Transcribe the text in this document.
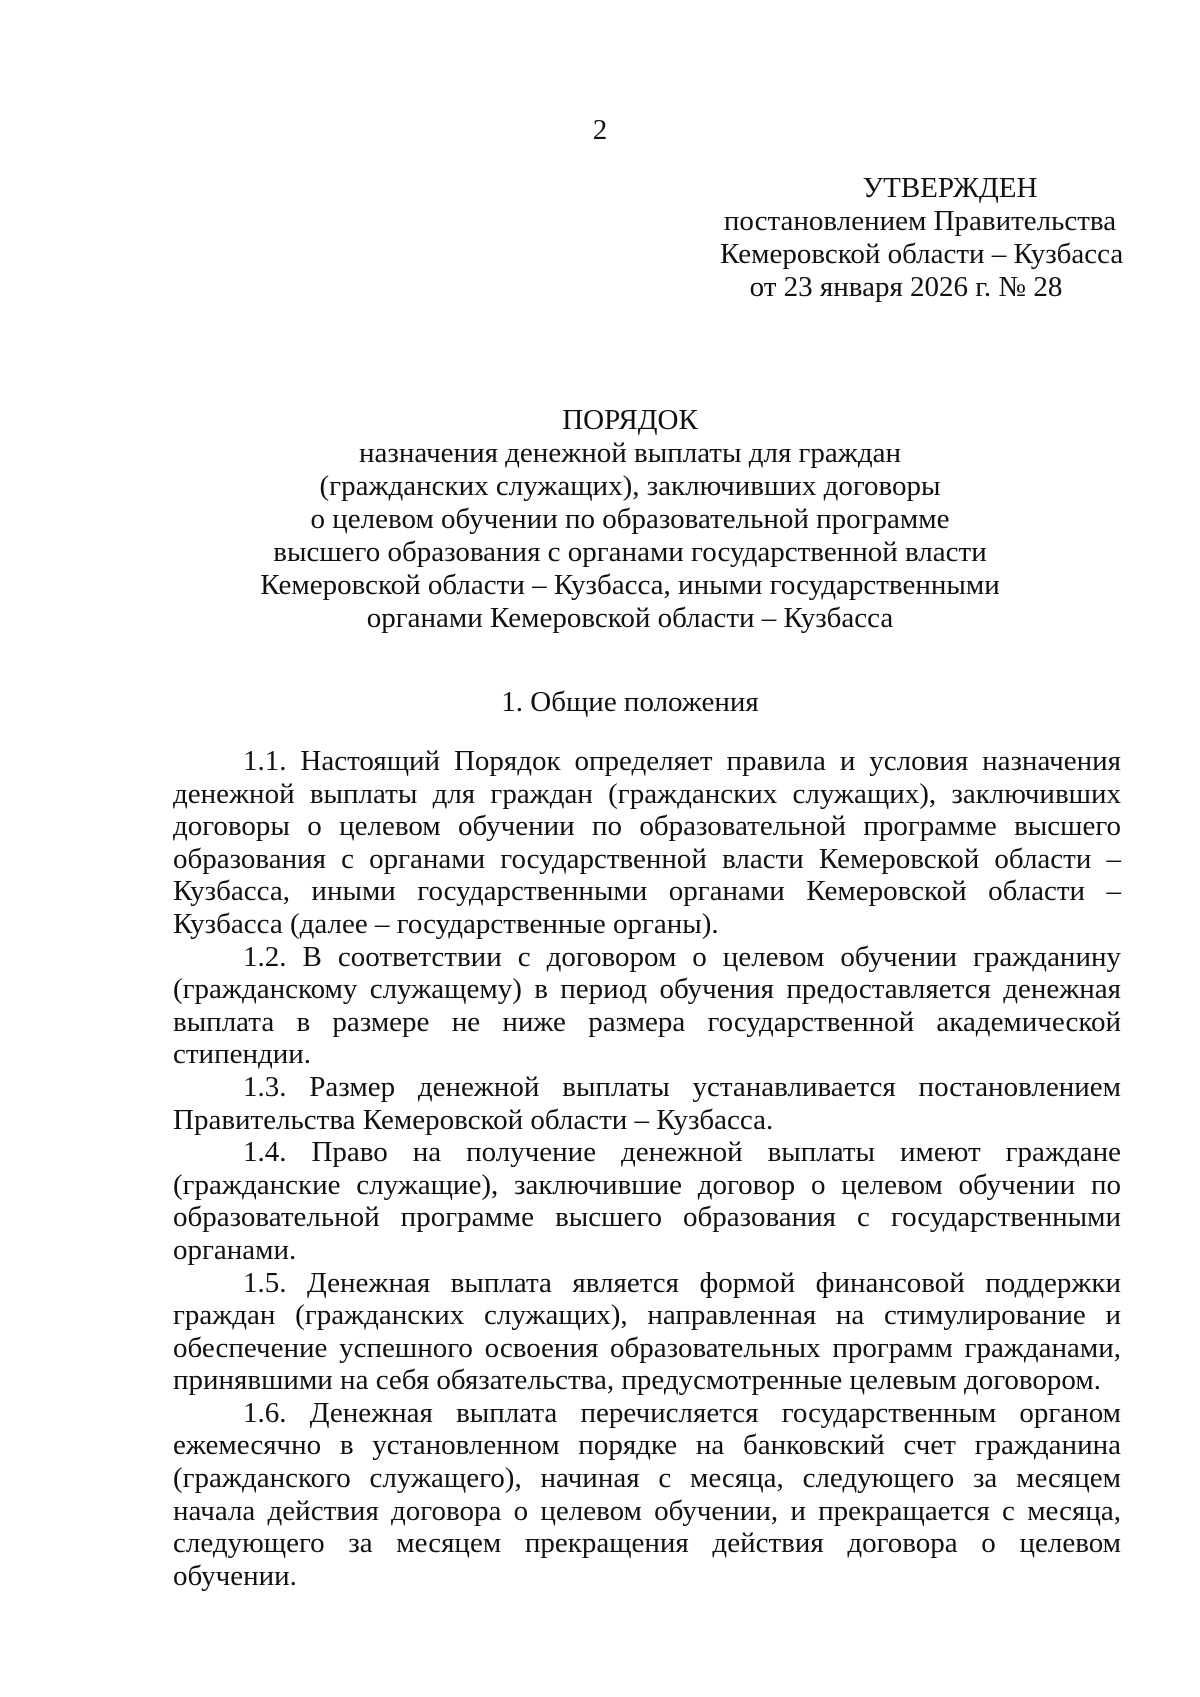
2
УТВЕРЖДЕН
постановлением Правительства
Кемеровской области – Кузбасса
от 23 января 2026 г. № 28
ПОРЯДОК
назначения денежной выплаты для граждан
(гражданских служащих), заключивших договоры
о целевом обучении по образовательной программе
высшего образования с органами государственной власти
Кемеровской области – Кузбасса, иными государственными
органами Кемеровской области – Кузбасса
1. Общие положения

1.1. Настоящий Порядок определяет правила и условия назначения денежной выплаты для граждан (гражданских служащих), заключивших договоры о целевом обучении по образовательной программе высшего образования с органами государственной власти Кемеровской области – Кузбасса, иными государственными органами Кемеровской области – Кузбасса (далее – государственные органы).

1.2. В соответствии с договором о целевом обучении гражданину (гражданскому служащему) в период обучения предоставляется денежная выплата в размере не ниже размера государственной академической стипендии.

1.3. Размер денежной выплаты устанавливается постановлением Правительства Кемеровской области – Кузбасса.

1.4. Право на получение денежной выплаты имеют граждане (гражданские служащие), заключившие договор о целевом обучении по образовательной программе высшего образования с государственными органами.

1.5. Денежная выплата является формой финансовой поддержки граждан (гражданских служащих), направленная на стимулирование и обеспечение успешного освоения образовательных программ гражданами, принявшими на себя обязательства, предусмотренные целевым договором.

1.6. Денежная выплата перечисляется государственным органом ежемесячно в установленном порядке на банковский счет гражданина (гражданского служащего), начиная с месяца, следующего за месяцем начала действия договора о целевом обучении, и прекращается с месяца, следующего за месяцем прекращения действия договора о целевом обучении.
